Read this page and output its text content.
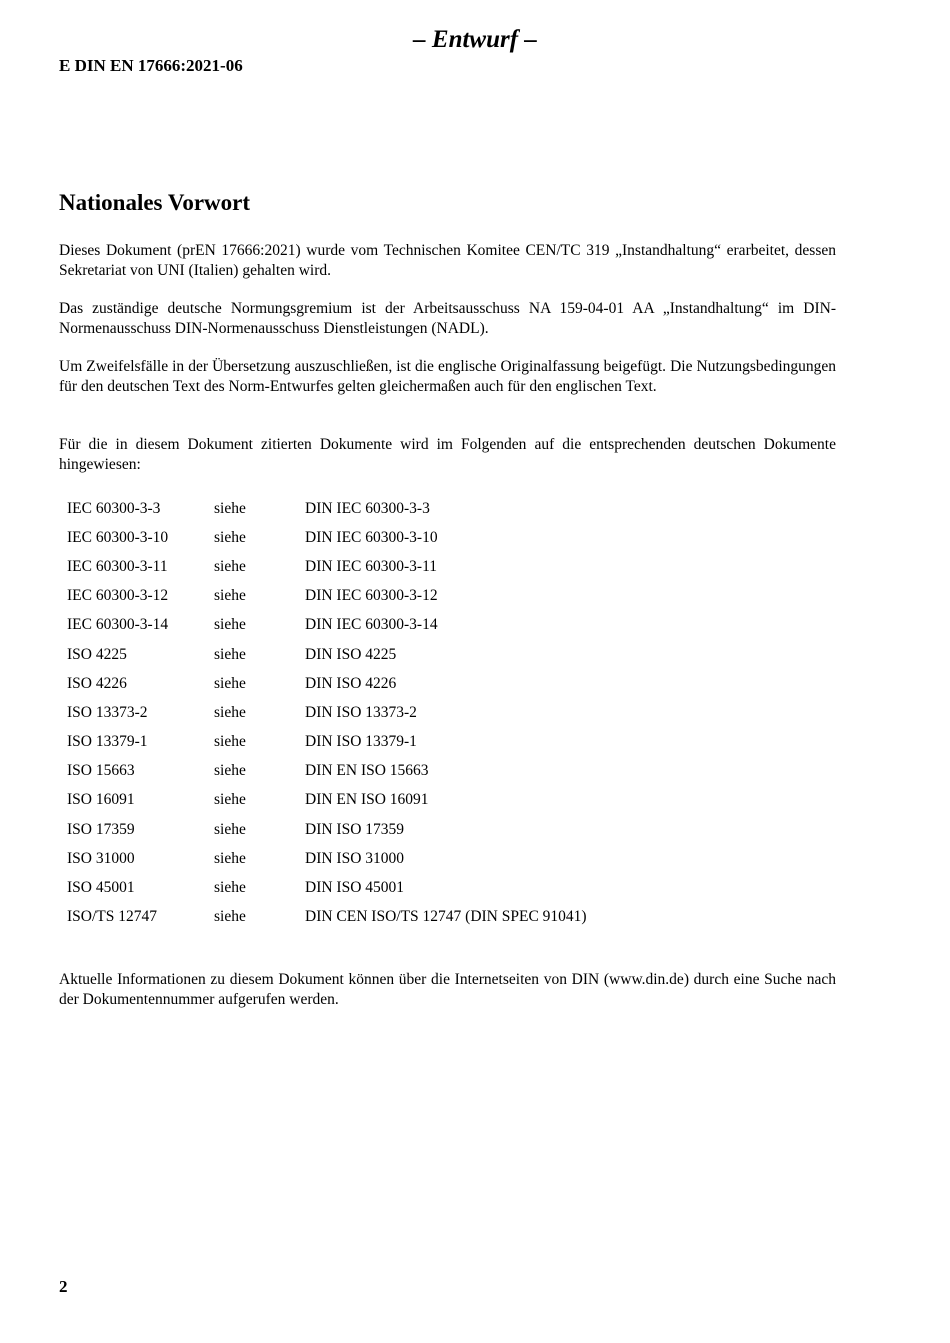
– Entwurf –
E DIN EN 17666:2021-06
Nationales Vorwort

Dieses Dokument (prEN 17666:2021) wurde vom Technischen Komitee CEN/TC 319 „Instandhaltung“ erarbeitet, dessen Sekretariat von UNI (Italien) gehalten wird.

Das zuständige deutsche Normungsgremium ist der Arbeitsausschuss NA 159-04-01 AA „Instandhaltung“ im DIN-Normenausschuss DIN-Normenausschuss Dienstleistungen (NADL).

Um Zweifelsfälle in der Übersetzung auszuschließen, ist die englische Originalfassung beigefügt. Die Nutzungsbedingungen für den deutschen Text des Norm-Entwurfes gelten gleichermaßen auch für den englischen Text.

Für die in diesem Dokument zitierten Dokumente wird im Folgenden auf die entsprechenden deutschen Dokumente hingewiesen:

IEC 60300-3-3	siehe	DIN IEC 60300-3-3
IEC 60300-3-10	siehe	DIN IEC 60300-3-10
IEC 60300-3-11	siehe	DIN IEC 60300-3-11
IEC 60300-3-12	siehe	DIN IEC 60300-3-12
IEC 60300-3-14	siehe	DIN IEC 60300-3-14
ISO 4225	siehe	DIN ISO 4225
ISO 4226	siehe	DIN ISO 4226
ISO 13373-2	siehe	DIN ISO 13373-2
ISO 13379-1	siehe	DIN ISO 13379-1
ISO 15663	siehe	DIN EN ISO 15663
ISO 16091	siehe	DIN EN ISO 16091
ISO 17359	siehe	DIN ISO 17359
ISO 31000	siehe	DIN ISO 31000
ISO 45001	siehe	DIN ISO 45001
ISO/TS 12747	siehe	DIN CEN ISO/TS 12747 (DIN SPEC 91041)

Aktuelle Informationen zu diesem Dokument können über die Internetseiten von DIN (www.din.de) durch eine Suche nach der Dokumentennummer aufgerufen werden.

2
